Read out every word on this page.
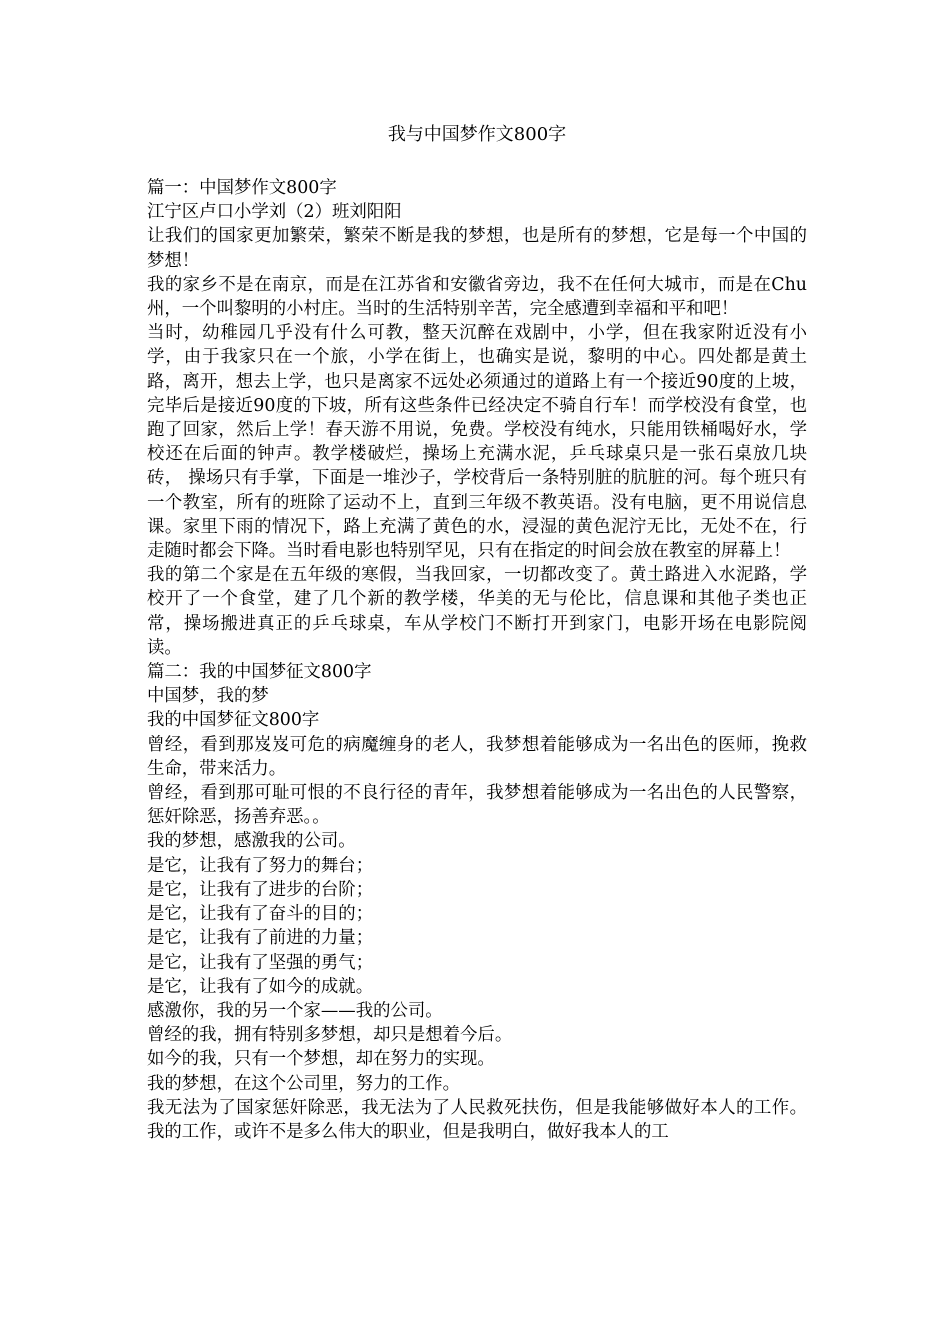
我与中国梦作文800字

篇一：中国梦作文800字

江宁区卢口小学刘（2）班刘阳阳

让我们的国家更加繁荣，繁荣不断是我的梦想，也是所有的梦想，它是每一个中国的梦想！

我的家乡不是在南京，而是在江苏省和安徽省旁边，我不在任何大城市，而是在Chu州，一个叫黎明的小村庄。当时的生活特别辛苦，完全感遭到幸福和平和吧！

当时，幼稚园几乎没有什么可教，整天沉醉在戏剧中，小学，但在我家附近没有小学，由于我家只在一个旅，小学在街上，也确实是说，黎明的中心。四处都是黄土路，离开，想去上学，也只是离家不远处必须通过的道路上有一个接近90度的上坡，完毕后是接近90度的下坡，所有这些条件已经决定不骑自行车！而学校没有食堂，也跑了回家，然后上学！春天游不用说，免费。学校没有纯水，只能用铁桶喝好水，学校还在后面的钟声。教学楼破烂，操场上充满水泥，乒乓球桌只是一张石桌放几块砖， 操场只有手掌，下面是一堆沙子，学校背后一条特别脏的肮脏的河。每个班只有一个教室，所有的班除了运动不上，直到三年级不教英语。没有电脑，更不用说信息课。家里下雨的情况下，路上充满了黄色的水，浸湿的黄色泥泞无比，无处不在，行走随时都会下降。当时看电影也特别罕见，只有在指定的时间会放在教室的屏幕上！

我的第二个家是在五年级的寒假，当我回家，一切都改变了。黄土路进入水泥路，学校开了一个食堂，建了几个新的教学楼，华美的无与伦比，信息课和其他子类也正常，操场搬进真正的乒乓球桌，车从学校门不断打开到家门，电影开场在电影院阅读。

篇二：我的中国梦征文800字

中国梦，我的梦

我的中国梦征文800字

曾经，看到那岌岌可危的病魔缠身的老人，我梦想着能够成为一名出色的医师，挽救生命，带来活力。

曾经，看到那可耻可恨的不良行径的青年，我梦想着能够成为一名出色的人民警察，惩奸除恶，扬善弃恶。。

我的梦想，感激我的公司。

是它，让我有了努力的舞台；

是它，让我有了进步的台阶；

是它，让我有了奋斗的目的；

是它，让我有了前进的力量；

是它，让我有了坚强的勇气；

是它，让我有了如今的成就。

感激你，我的另一个家——我的公司。

曾经的我，拥有特别多梦想，却只是想着今后。

如今的我，只有一个梦想，却在努力的实现。

我的梦想，在这个公司里，努力的工作。

我无法为了国家惩奸除恶，我无法为了人民救死扶伤，但是我能够做好本人的工作。我的工作，或许不是多么伟大的职业，但是我明白，做好我本人的工
